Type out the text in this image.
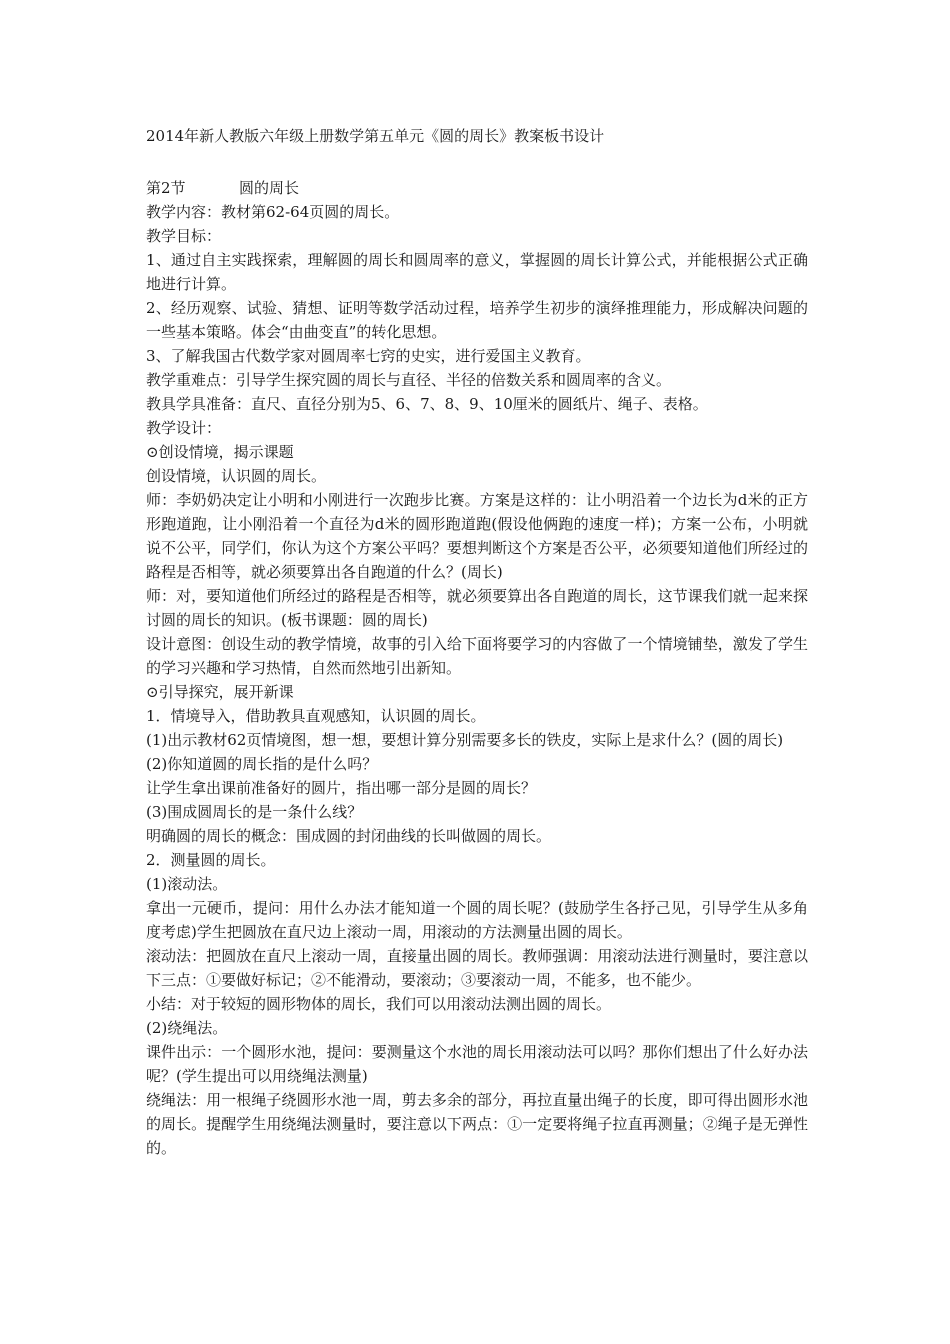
2014年新人教版六年级上册数学第五单元《圆的周长》教案板书设计

第2节	圆的周长

教学内容：教材第62-64页圆的周长。

教学目标：

1、通过自主实践探索，理解圆的周长和圆周率的意义，掌握圆的周长计算公式，并能根据公式正确地进行计算。

2、经历观察、试验、猜想、证明等数学活动过程，培养学生初步的演绎推理能力，形成解决问题的一些基本策略。体会“由曲变直”的转化思想。

3、了解我国古代数学家对圆周率七窍的史实，进行爱国主义教育。

教学重难点：引导学生探究圆的周长与直径、半径的倍数关系和圆周率的含义。

教具学具准备：直尺、直径分别为5、6、7、8、9、10厘米的圆纸片、绳子、表格。

教学设计：

⊙创设情境，揭示课题

创设情境，认识圆的周长。

师：李奶奶决定让小明和小刚进行一次跑步比赛。方案是这样的：让小明沿着一个边长为d米的正方形跑道跑，让小刚沿着一个直径为d米的圆形跑道跑(假设他俩跑的速度一样)；方案一公布，小明就说不公平，同学们，你认为这个方案公平吗？要想判断这个方案是否公平，必须要知道他们所经过的路程是否相等，就必须要算出各自跑道的什么？(周长)

师：对，要知道他们所经过的路程是否相等，就必须要算出各自跑道的周长，这节课我们就一起来探讨圆的周长的知识。(板书课题：圆的周长)

设计意图：创设生动的教学情境，故事的引入给下面将要学习的内容做了一个情境铺垫，激发了学生的学习兴趣和学习热情，自然而然地引出新知。

⊙引导探究，展开新课

1．情境导入，借助教具直观感知，认识圆的周长。

(1)出示教材62页情境图，想一想，要想计算分别需要多长的铁皮，实际上是求什么？(圆的周长)

(2)你知道圆的周长指的是什么吗？

让学生拿出课前准备好的圆片，指出哪一部分是圆的周长？

(3)围成圆周长的是一条什么线？

明确圆的周长的概念：围成圆的封闭曲线的长叫做圆的周长。

2．测量圆的周长。

(1)滚动法。

拿出一元硬币，提问：用什么办法才能知道一个圆的周长呢？(鼓励学生各抒己见，引导学生从多角度考虑)学生把圆放在直尺边上滚动一周，用滚动的方法测量出圆的周长。

滚动法：把圆放在直尺上滚动一周，直接量出圆的周长。教师强调：用滚动法进行测量时，要注意以下三点：①要做好标记；②不能滑动，要滚动；③要滚动一周，不能多，也不能少。

小结：对于较短的圆形物体的周长，我们可以用滚动法测出圆的周长。

(2)绕绳法。

课件出示：一个圆形水池，提问：要测量这个水池的周长用滚动法可以吗？那你们想出了什么好办法呢？(学生提出可以用绕绳法测量)

绕绳法：用一根绳子绕圆形水池一周，剪去多余的部分，再拉直量出绳子的长度，即可得出圆形水池的周长。提醒学生用绕绳法测量时，要注意以下两点：①一定要将绳子拉直再测量；②绳子是无弹性的。
